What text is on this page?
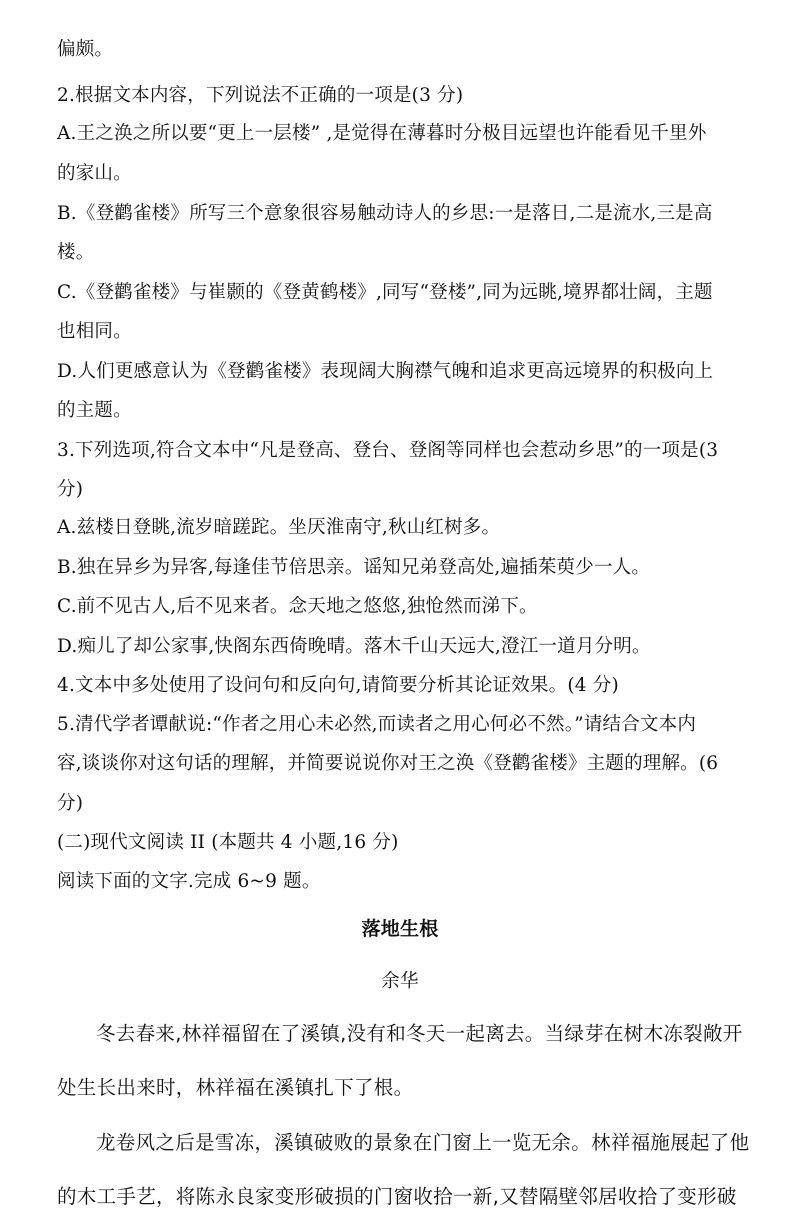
偏颇。
2.根据文本内容，下列说法不正确的一项是(3 分)
A.王之涣之所以要“更上一层楼” ,是觉得在薄暮时分极目远望也许能看见千里外
的家山。
B.《登鹳雀楼》所写三个意象很容易触动诗人的乡思:一是落日,二是流水,三是高
楼。
C.《登鹳雀楼》与崔颢的《登黄鹤楼》,同写“登楼”,同为远眺,境界都壮阔，主题
也相同。
D.人们更感意认为《登鹳雀楼》表现阔大胸襟气魄和追求更高远境界的积极向上
的主题。
3.下列选项,符合文本中“凡是登高、登台、登阁等同样也会惹动乡思”的一项是(3
分)
A.兹楼日登眺,流岁暗蹉跎。坐厌淮南守,秋山红树多。
B.独在异乡为异客,每逢佳节倍思亲。谣知兄弟登高处,遍插茱萸少一人。
C.前不见古人,后不见来者。念天地之悠悠,独怆然而涕下。
D.痴儿了却公家事,快阁东西倚晚晴。落木千山天远大,澄江一道月分明。
4.文本中多处使用了设问句和反向句,请简要分析其论证效果。(4 分)
5.清代学者谭献说:“作者之用心未必然,而读者之用心何必不然。”请结合文本内
容,谈谈你对这句话的理解，并简要说说你对王之涣《登鹳雀楼》主题的理解。(6
分)
(二)现代文阅读 II (本题共 4 小题,16 分)
阅读下面的文字.完成 6~9 题。
落地生根
余华
冬去春来,林祥福留在了溪镇,没有和冬天一起离去。当绿芽在树木冻裂敞开
处生长出来时，林祥福在溪镇扎下了根。
龙卷风之后是雪冻，溪镇破败的景象在门窗上一览无余。林祥福施展起了他
的木工手艺，将陈永良家变形破损的门窗收拾一新,又替隔壁邻居收拾了变形破
